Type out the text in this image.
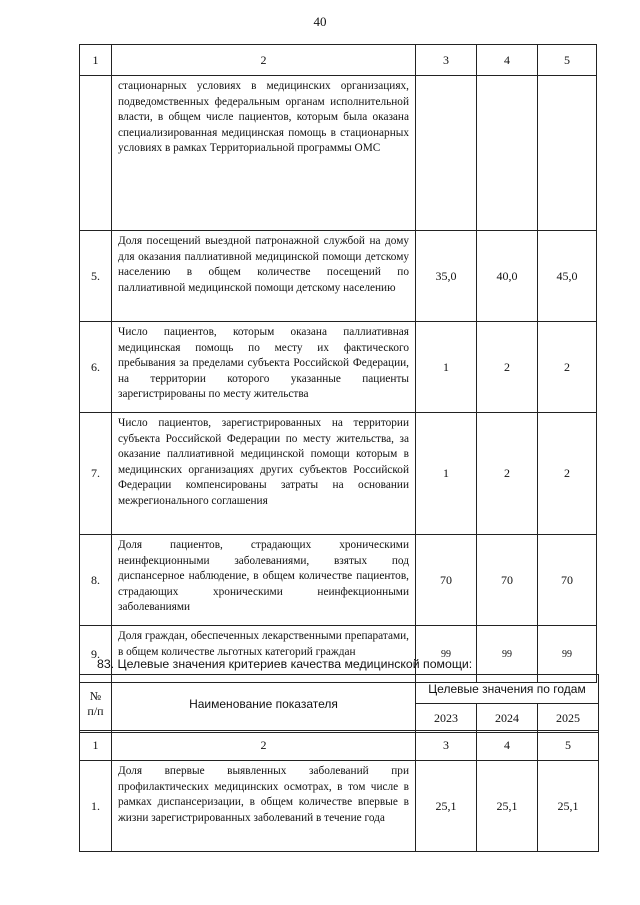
40
1	2	3	4	5
	стационарных условиях в медицинских организациях, подведомственных федеральным органам исполнительной власти, в общем числе пациентов, которым была оказана специализированная медицинская помощь в стационарных условиях в рамках Территориальной программы ОМС			
5.	Доля посещений выездной патронажной службой на дому для оказания паллиативной медицинской помощи детскому населению в общем количестве посещений по паллиативной медицинской помощи детскому населению	35,0	40,0	45,0
6.	Число пациентов, которым оказана паллиативная медицинская помощь по месту их фактического пребывания за пределами субъекта Российской Федерации, на территории которого указанные пациенты зарегистрированы по месту жительства	1	2	2
7.	Число пациентов, зарегистрированных на территории субъекта Российской Федерации по месту жительства, за оказание паллиативной медицинской помощи которым в медицинских организациях других субъектов Российской Федерации компенсированы затраты на основании межрегионального соглашения	1	2	2
8.	Доля пациентов, страдающих хроническими неинфекционными заболеваниями, взятых под диспансерное наблюдение, в общем количестве пациентов, страдающих хроническими неинфекционными заболеваниями	70	70	70
9.	Доля граждан, обеспеченных лекарственными препаратами, в общем количестве льготных категорий граждан	99	99	99
83. Целевые значения критериев качества медицинской помощи:
№ п/п	Наименование показателя	Целевые значения по годам		
		2023	2024	2025
1	2	3	4	5
1.	Доля впервые выявленных заболеваний при профилактических медицинских осмотрах, в том числе в рамках диспансеризации, в общем количестве впервые в жизни зарегистрированных заболеваний в течение года	25,1	25,1	25,1
